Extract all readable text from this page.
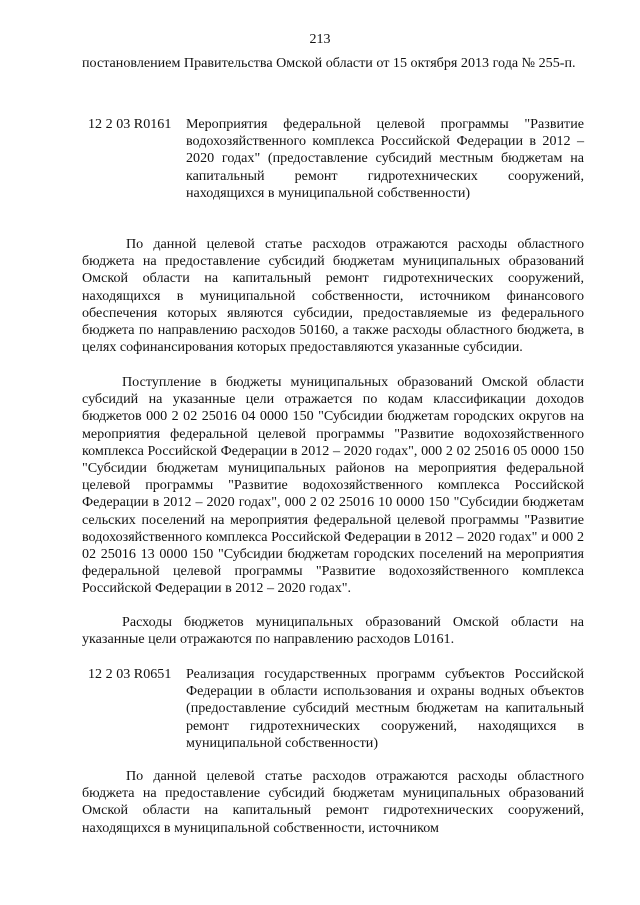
213

постановлением Правительства Омской области от 15 октября 2013 года № 255-п.

12 2 03 R0161 Мероприятия федеральной целевой программы "Развитие водохозяйственного комплекса Российской Федерации в 2012 – 2020 годах" (предоставление субсидий местным бюджетам на капитальный ремонт гидротехнических сооружений, находящихся в муниципальной собственности)

По данной целевой статье расходов отражаются расходы областного бюджета на предоставление субсидий бюджетам муниципальных образований Омской области на капитальный ремонт гидротехнических сооружений, находящихся в муниципальной собственности, источником финансового обеспечения которых являются субсидии, предоставляемые из федерального бюджета по направлению расходов 50160, а также расходы областного бюджета, в целях софинансирования которых предоставляются указанные субсидии.

Поступление в бюджеты муниципальных образований Омской области субсидий на указанные цели отражается по кодам классификации доходов бюджетов 000 2 02 25016 04 0000 150 "Субсидии бюджетам городских округов на мероприятия федеральной целевой программы "Развитие водохозяйственного комплекса Российской Федерации в 2012 – 2020 годах", 000 2 02 25016 05 0000 150 "Субсидии бюджетам муниципальных районов на мероприятия федеральной целевой программы "Развитие водохозяйственного комплекса Российской Федерации в 2012 – 2020 годах", 000 2 02 25016 10 0000 150 "Субсидии бюджетам сельских поселений на мероприятия федеральной целевой программы "Развитие водохозяйственного комплекса Российской Федерации в 2012 – 2020 годах" и 000 2 02 25016 13 0000 150 "Субсидии бюджетам городских поселений на мероприятия федеральной целевой программы "Развитие водохозяйственного комплекса Российской Федерации в 2012 – 2020 годах".

Расходы бюджетов муниципальных образований Омской области на указанные цели отражаются по направлению расходов L0161.

12 2 03 R0651 Реализация государственных программ субъектов Российской Федерации в области использования и охраны водных объектов (предоставление субсидий местным бюджетам на капитальный ремонт гидротехнических сооружений, находящихся в муниципальной собственности)

По данной целевой статье расходов отражаются расходы областного бюджета на предоставление субсидий бюджетам муниципальных образований Омской области на капитальный ремонт гидротехнических сооружений, находящихся в муниципальной собственности, источником
